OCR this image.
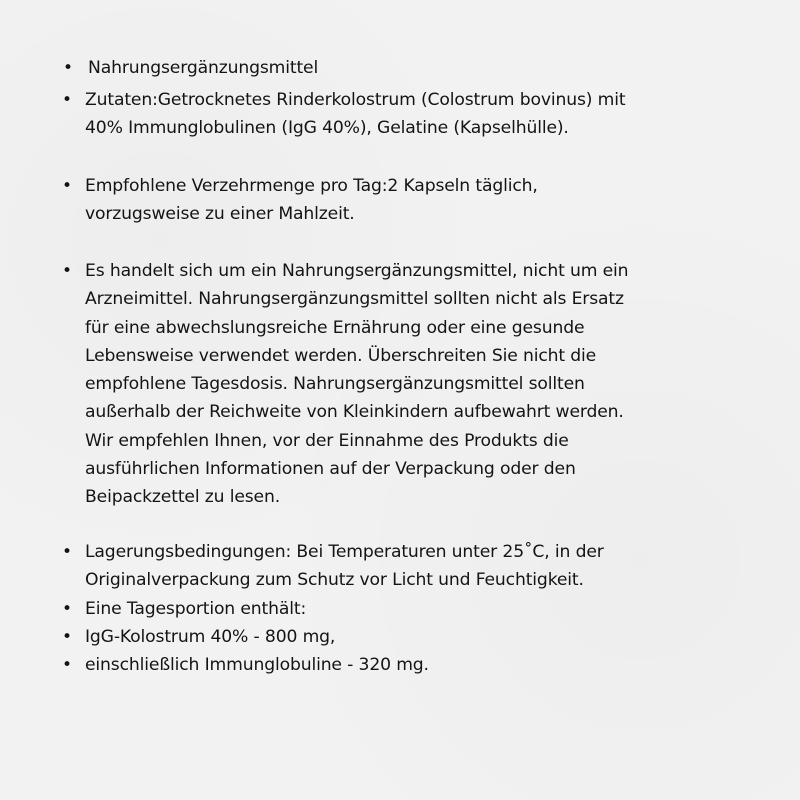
• Nahrungsergänzungsmittel
• Zutaten:Getrocknetes Rinderkolostrum (Colostrum bovinus) mit
40% Immunglobulinen (IgG 40%), Gelatine (Kapselhülle).
• Empfohlene Verzehrmenge pro Tag:2 Kapseln täglich,
vorzugsweise zu einer Mahlzeit.
• Es handelt sich um ein Nahrungsergänzungsmittel, nicht um ein
Arzneimittel. Nahrungsergänzungsmittel sollten nicht als Ersatz
für eine abwechslungsreiche Ernährung oder eine gesunde
Lebensweise verwendet werden. Überschreiten Sie nicht die
empfohlene Tagesdosis. Nahrungsergänzungsmittel sollten
außerhalb der Reichweite von Kleinkindern aufbewahrt werden.
Wir empfehlen Ihnen, vor der Einnahme des Produkts die
ausführlichen Informationen auf der Verpackung oder den
Beipackzettel zu lesen.
• Lagerungsbedingungen: Bei Temperaturen unter 25˚C, in der
Originalverpackung zum Schutz vor Licht und Feuchtigkeit.
• Eine Tagesportion enthält:
• IgG-Kolostrum 40% - 800 mg,
• einschließlich Immunglobuline - 320 mg.
